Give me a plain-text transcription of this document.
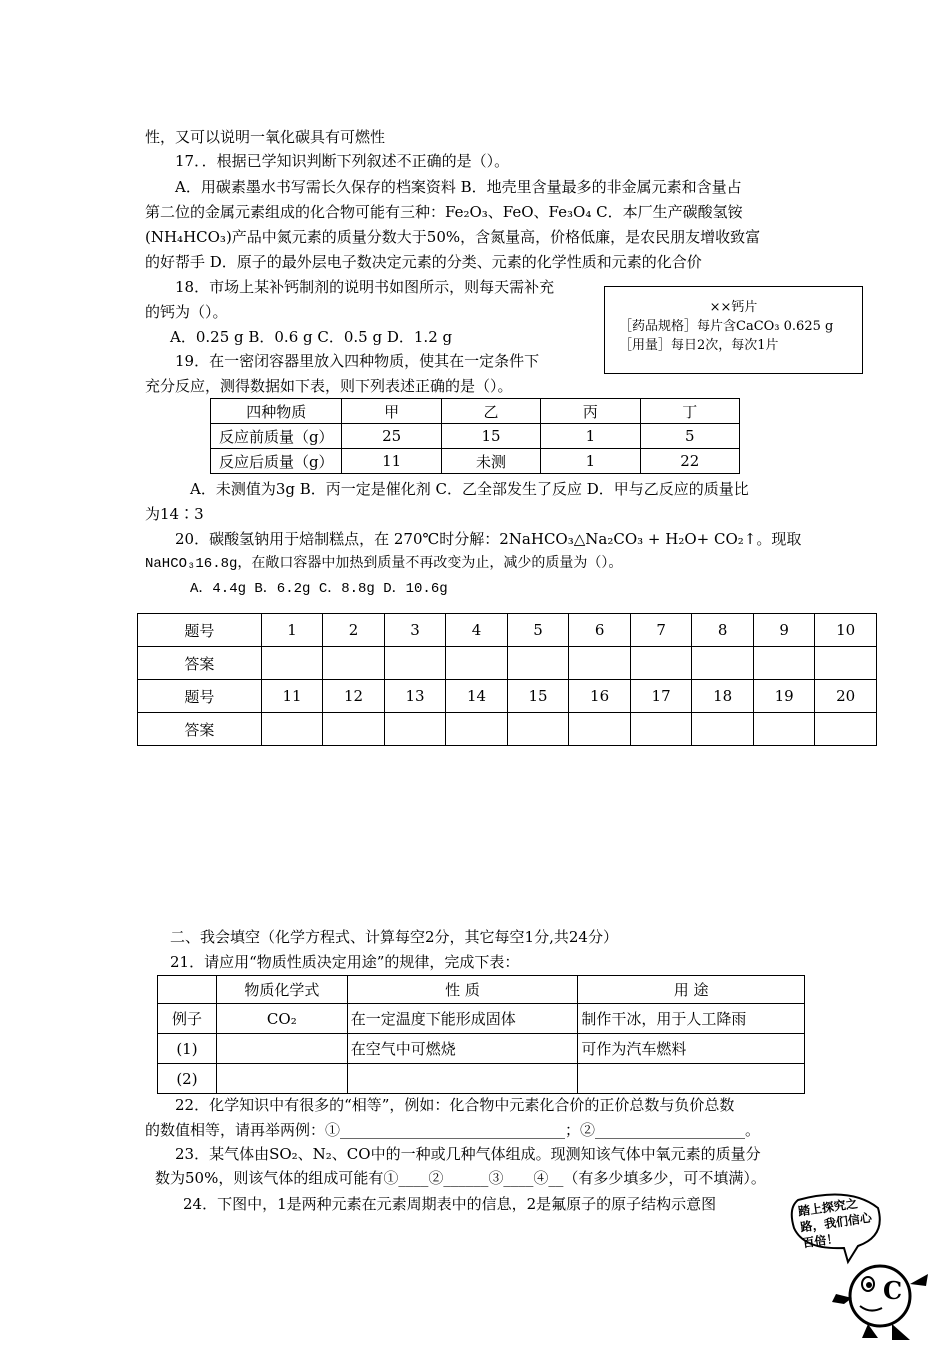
性，又可以说明一氧化碳具有可燃性
17．．根据已学知识判断下列叙述不正确的是（）。
A．用碳素墨水书写需长久保存的档案资料 B．地壳里含量最多的非金属元素和含量占
第二位的金属元素组成的化合物可能有三种：Fe₂O₃、FeO、Fe₃O₄ C．本厂生产碳酸氢铵
(NH₄HCO₃)产品中氮元素的质量分数大于50%，含氮量高，价格低廉，是农民朋友增收致富
的好帮手 D．原子的最外层电子数决定元素的分类、元素的化学性质和元素的化合价
18．市场上某补钙制剂的说明书如图所示，则每天需补充
的钙为（）。
A．0.25 g B．0.6 g C．0.5 g D．1.2 g
××钙片
［药品规格］每片含CaCO₃ 0.625 g
［用量］每日2次，每次1片
19．在一密闭容器里放入四种物质，使其在一定条件下
充分反应，测得数据如下表，则下列表述正确的是（）。
四种物质	甲	乙	丙	丁
反应前质量（g）	25	15	1	5
反应后质量（g）	11	未测	1	22
A．未测值为3g B．丙一定是催化剂 C．乙全部发生了反应 D．甲与乙反应的质量比
为14∶3
20．碳酸氢钠用于焙制糕点，在 270℃时分解：2NaHCO₃△Na₂CO₃ + H₂O+ CO₂↑。现取
NaHCO₃16.8g，在敞口容器中加热到质量不再改变为止，减少的质量为（）。
A．4.4g B．6.2g C．8.8g D．10.6g
题号	1	2	3	4	5	6	7	8	9	10
答案										
题号	11	12	13	14	15	16	17	18	19	20
答案										
二、我会填空（化学方程式、计算每空2分，其它每空1分,共24分）
21．请应用“物质性质决定用途”的规律，完成下表：
	物质化学式	性 质	用 途
例子	CO₂	在一定温度下能形成固体	制作干冰，用于人工降雨
(1)		在空气中可燃烧	可作为汽车燃料
(2)			
22．化学知识中有很多的“相等”，例如：化合物中元素化合价的正价总数与负价总数
的数值相等，请再举两例：①______________________________；②____________________。
23．某气体由SO₂、N₂、CO中的一种或几种气体组成。现测知该气体中氧元素的质量分
数为50%，则该气体的组成可能有①____②______③____④__（有多少填多少，可不填满）。
24．下图中，1是两种元素在元素周期表中的信息，2是氟原子的原子结构示意图	踏上探究之路，我们信心百倍！
C
